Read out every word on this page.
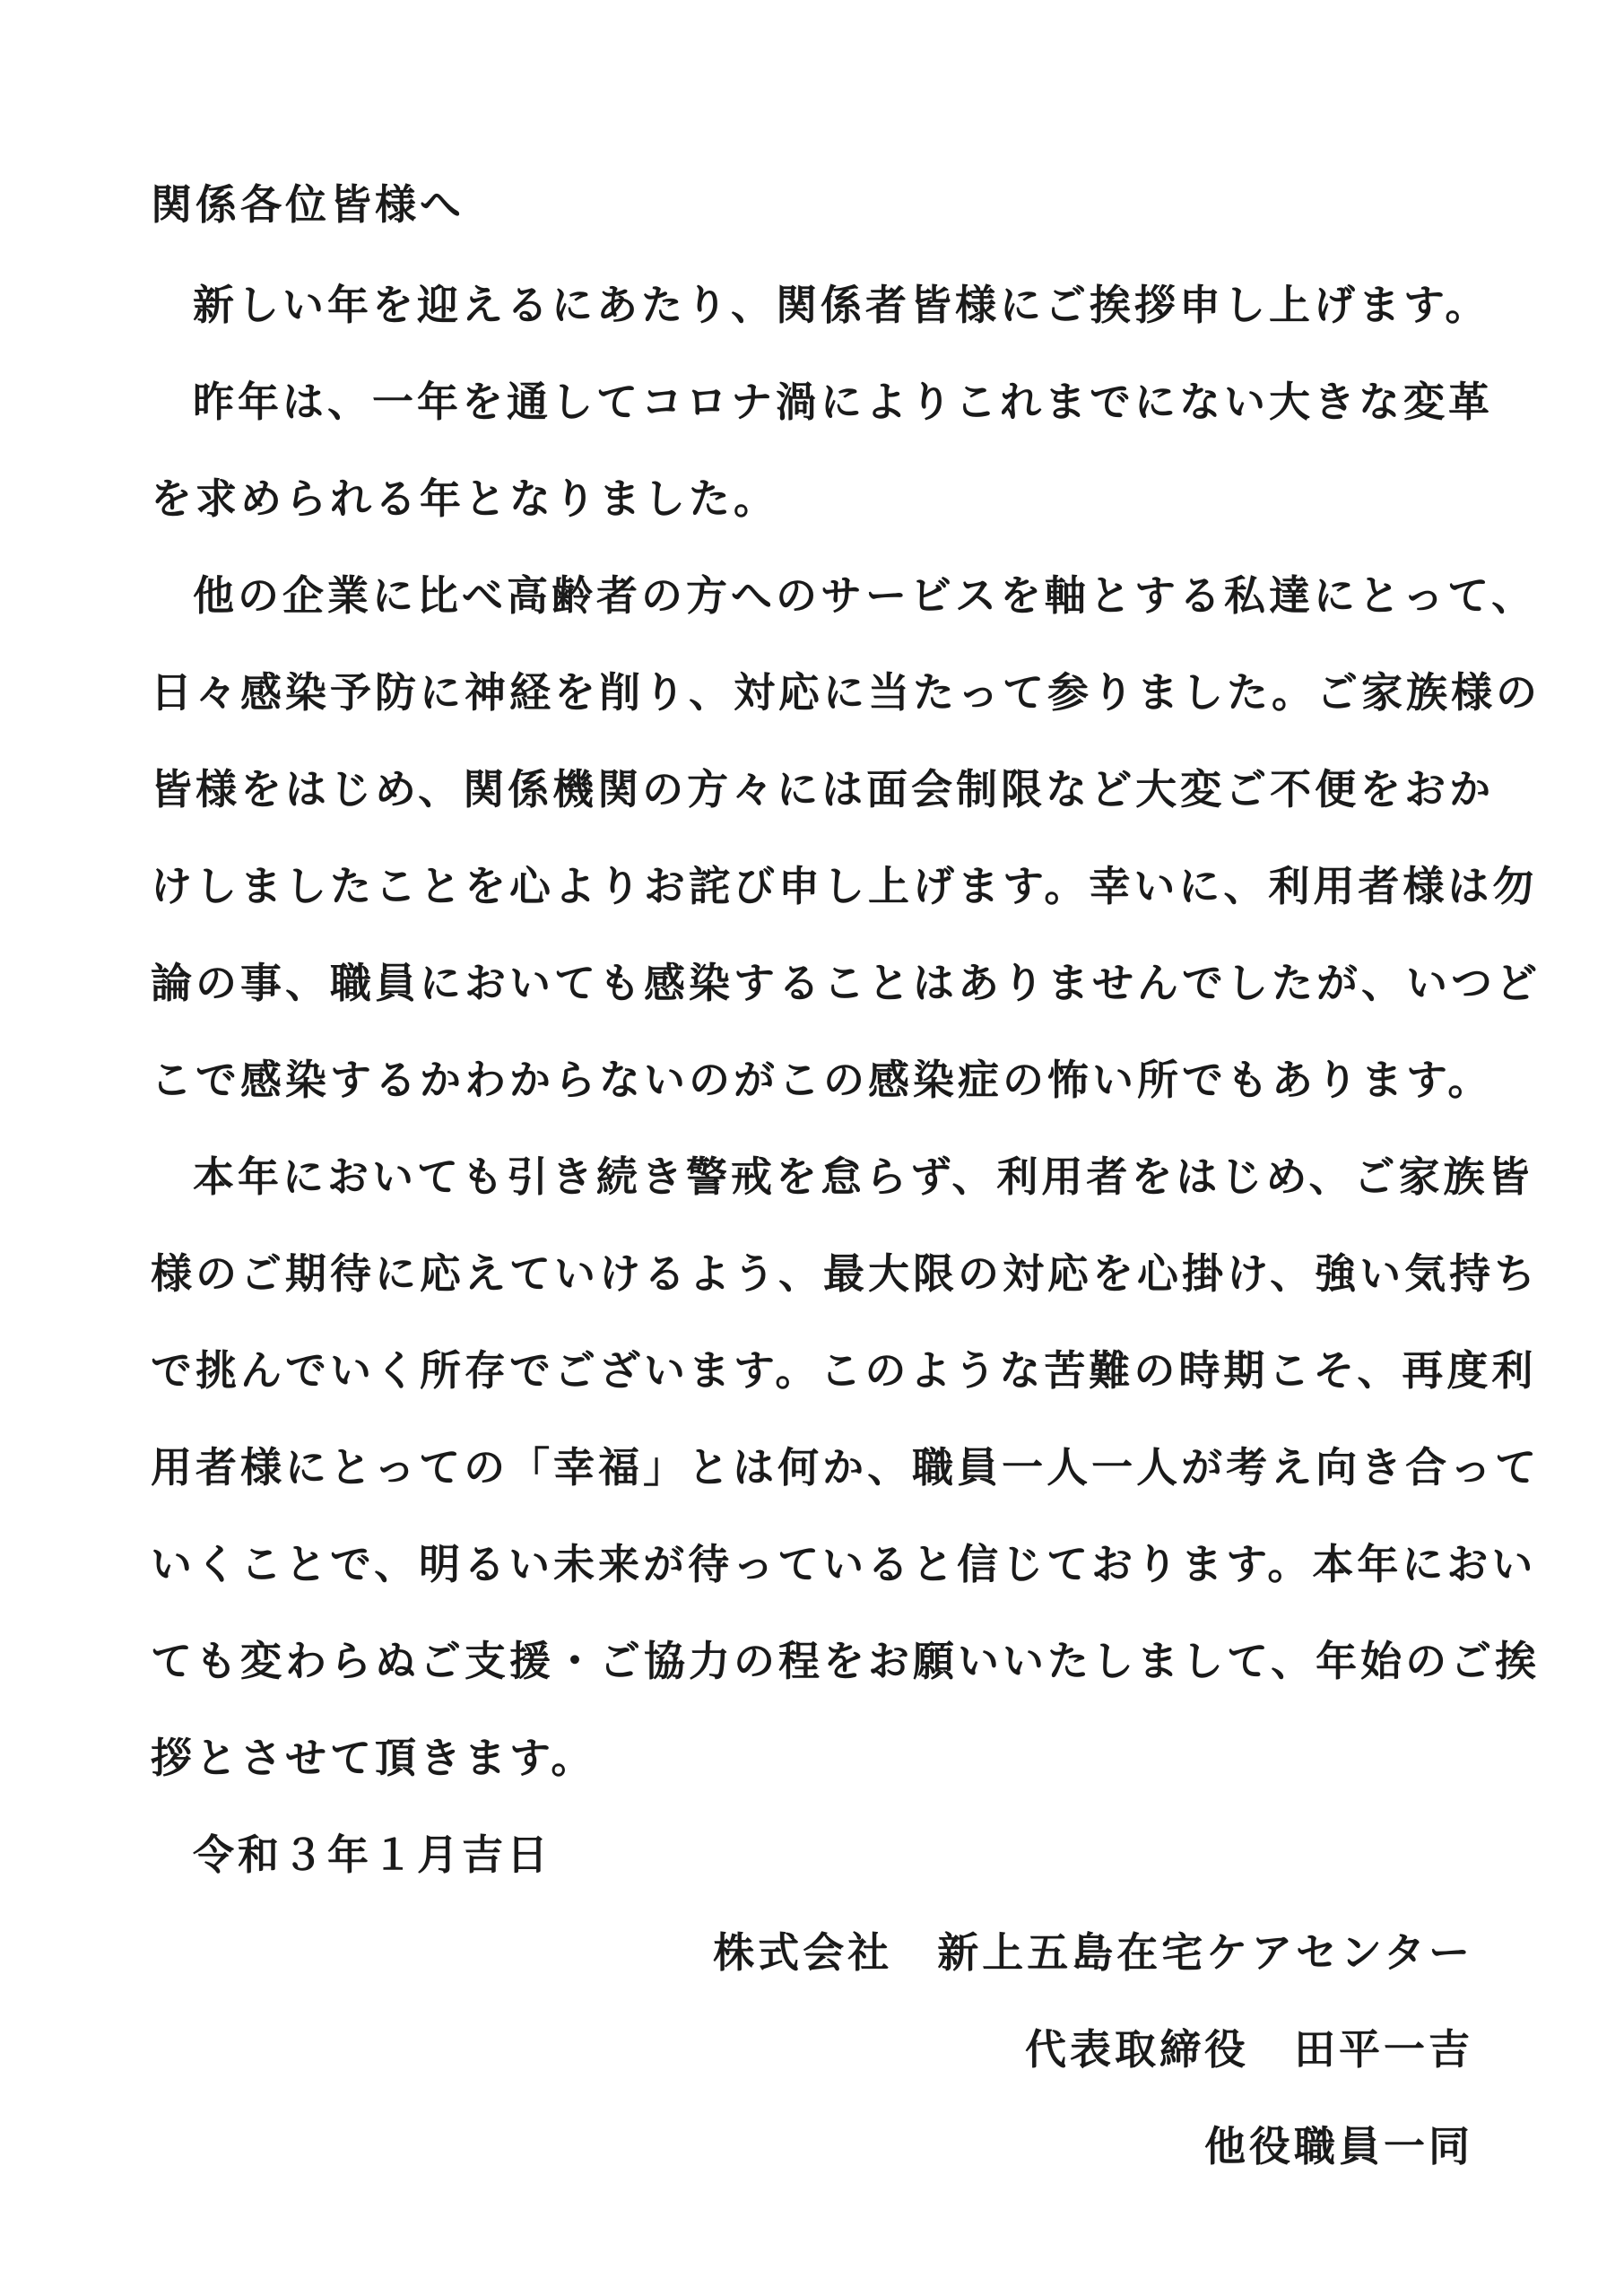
関係各位皆様へ

新しい年を迎えるにあたり、関係者皆様にご挨拶申し上げます。

昨年は、一年を通してコロナ渦によりこれまでにない大きな変革

を求められる年となりました。

他の企業に比べ高齢者の方へのサービスを軸とする私達にとって、

日々感染予防に神経を削り、対応に当たって参りました。ご家族様の

皆様をはじめ、関係機関の方々には面会制限など大変ご不便をおか

けしましたことを心よりお詫び申し上げます。幸いに、利用者様は勿

論の事、職員においても感染することはありませんでしたが、いつど

こで感染するかわからないのがこの感染症の怖い所でもあります。

本年においても引き続き警戒を怠らず、利用者をはじめ、ご家族皆

様のご期待に応えていけるよう、最大限の対応を心掛け、強い気持ち

で挑んでいく所存でございます。このような苦難の時期こそ、再度利

用者様にとっての「幸福」とは何か、職員一人一人が考え向き合って

いくことで、明るい未来が待っていると信じております。本年におい

ても変わらぬご支援・ご協力の程をお願いいたしまして、年始のご挨

拶とさせて頂きます。

令和３年１月吉日

株式会社　新上五島在宅ケアセンター

代表取締役　田平一吉

他役職員一同
